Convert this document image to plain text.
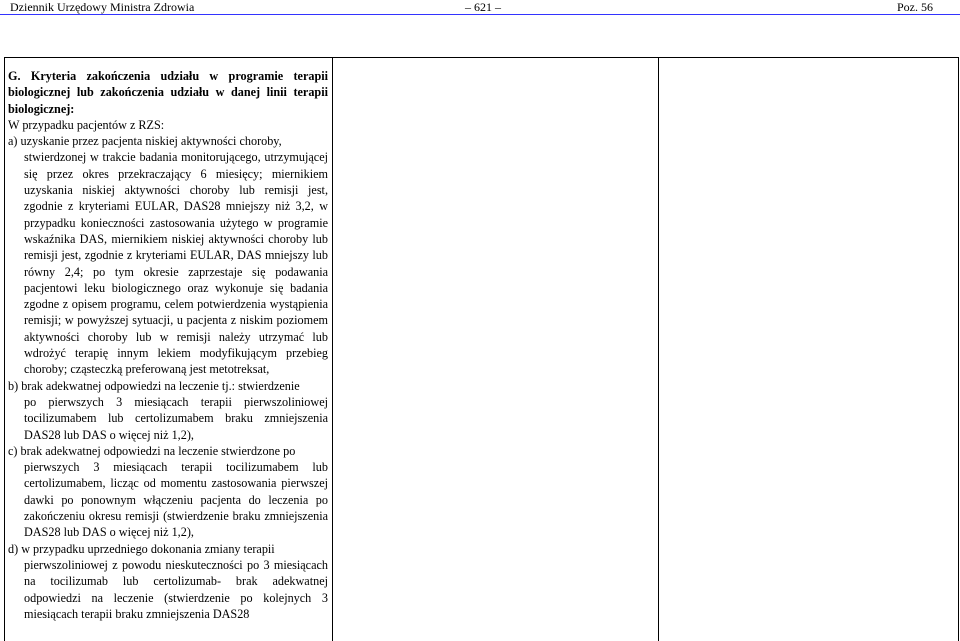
Dziennik Urzędowy Ministra Zdrowia	– 621 –	Poz. 56

G. Kryteria zakończenia udziału w programie terapii biologicznej lub zakończenia udziału w danej linii terapii biologicznej:

W przypadku pacjentów z RZS:

a) uzyskanie przez pacjenta niskiej aktywności choroby,

stwierdzonej w trakcie badania monitorującego, utrzymującej się przez okres przekraczający 6 miesięcy; miernikiem uzyskania niskiej aktywności choroby lub remisji jest, zgodnie z kryteriami EULAR, DAS28 mniejszy niż 3,2, w przypadku konieczności zastosowania użytego w programie wskaźnika DAS, miernikiem niskiej aktywności choroby lub remisji jest, zgodnie z kryteriami EULAR, DAS mniejszy lub równy 2,4; po tym okresie zaprzestaje się podawania pacjentowi leku biologicznego oraz wykonuje się badania zgodne z opisem programu, celem potwierdzenia wystąpienia remisji; w powyższej sytuacji, u pacjenta z niskim poziomem aktywności choroby lub w remisji należy utrzymać lub wdrożyć terapię innym lekiem modyfikującym przebieg choroby; cząsteczką preferowaną jest metotreksat,

b) brak adekwatnej odpowiedzi na leczenie tj.: stwierdzenie

po pierwszych 3 miesiącach terapii pierwszoliniowej tocilizumabem lub certolizumabem braku zmniejszenia DAS28 lub DAS o więcej niż 1,2),

c) brak adekwatnej odpowiedzi na leczenie stwierdzone po

pierwszych 3 miesiącach terapii tocilizumabem lub certolizumabem, licząc od momentu zastosowania pierwszej dawki po ponownym włączeniu pacjenta do leczenia po zakończeniu okresu remisji (stwierdzenie braku zmniejszenia DAS28 lub DAS o więcej niż 1,2),

d) w przypadku uprzedniego dokonania zmiany terapii

pierwszoliniowej z powodu nieskuteczności po 3 miesiącach na tocilizumab lub certolizumab- brak adekwatnej odpowiedzi na leczenie (stwierdzenie po kolejnych 3 miesiącach terapii braku zmniejszenia DAS28
